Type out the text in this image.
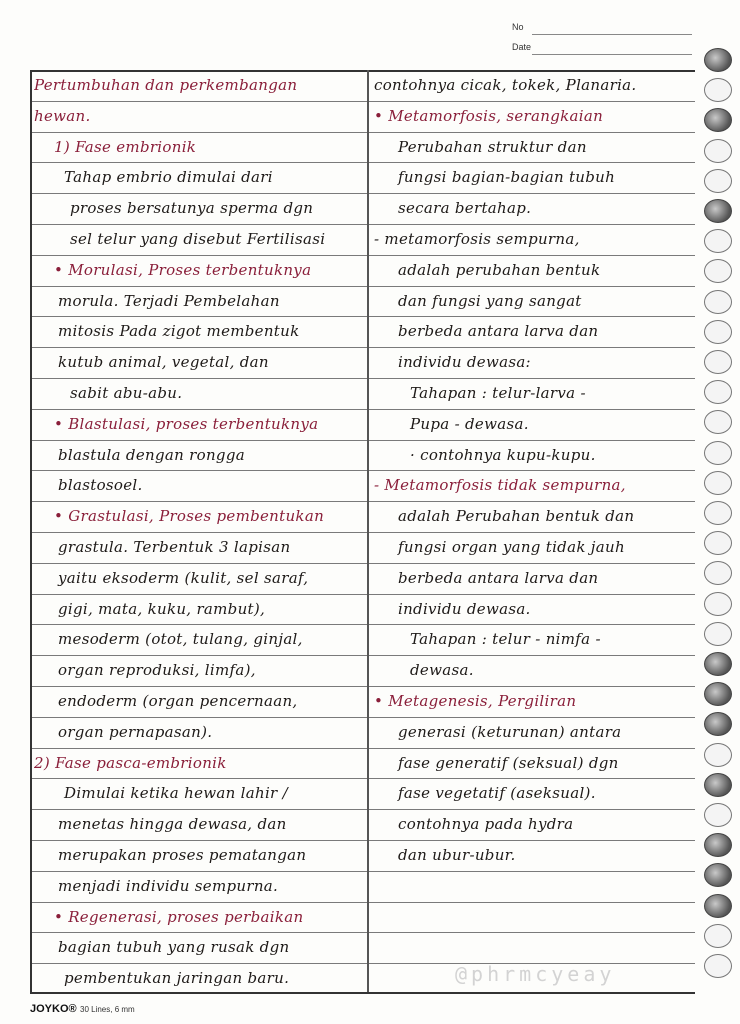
No
Date
Pertumbuhan dan perkembangan
hewan.
1) Fase embrionik
Tahap embrio dimulai dari
proses bersatunya sperma dgn
sel telur yang disebut Fertilisasi
• Morulasi, Proses terbentuknya
morula. Terjadi Pembelahan
mitosis Pada zigot membentuk
kutub animal, vegetal, dan
sabit abu-abu.
• Blastulasi, proses terbentuknya
blastula dengan rongga
blastosoel.
• Grastulasi, Proses pembentukan
grastula. Terbentuk 3 lapisan
yaitu eksoderm (kulit, sel saraf,
gigi, mata, kuku, rambut),
mesoderm (otot, tulang, ginjal,
organ reproduksi, limfa),
endoderm (organ pencernaan,
organ pernapasan).
2) Fase pasca-embrionik
Dimulai ketika hewan lahir /
menetas hingga dewasa, dan
merupakan proses pematangan
menjadi individu sempurna.
• Regenerasi, proses perbaikan
bagian tubuh yang rusak dgn
pembentukan jaringan baru.
contohnya cicak, tokek, Planaria.
• Metamorfosis, serangkaian
Perubahan struktur dan
fungsi bagian-bagian tubuh
secara bertahap.
- metamorfosis sempurna,
adalah perubahan bentuk
dan fungsi yang sangat
berbeda antara larva dan
individu dewasa:
Tahapan : telur-larva -
Pupa - dewasa.
· contohnya kupu-kupu.
- Metamorfosis tidak sempurna,
adalah Perubahan bentuk dan
fungsi organ yang tidak jauh
berbeda antara larva dan
individu dewasa.
Tahapan : telur - nimfa -
dewasa.
• Metagenesis, Pergiliran
generasi (keturunan) antara
fase generatif (seksual) dgn
fase vegetatif (aseksual).
contohnya pada hydra
dan ubur-ubur.
@phrmcyeay
JOYKO® 30 Lines, 6 mm
